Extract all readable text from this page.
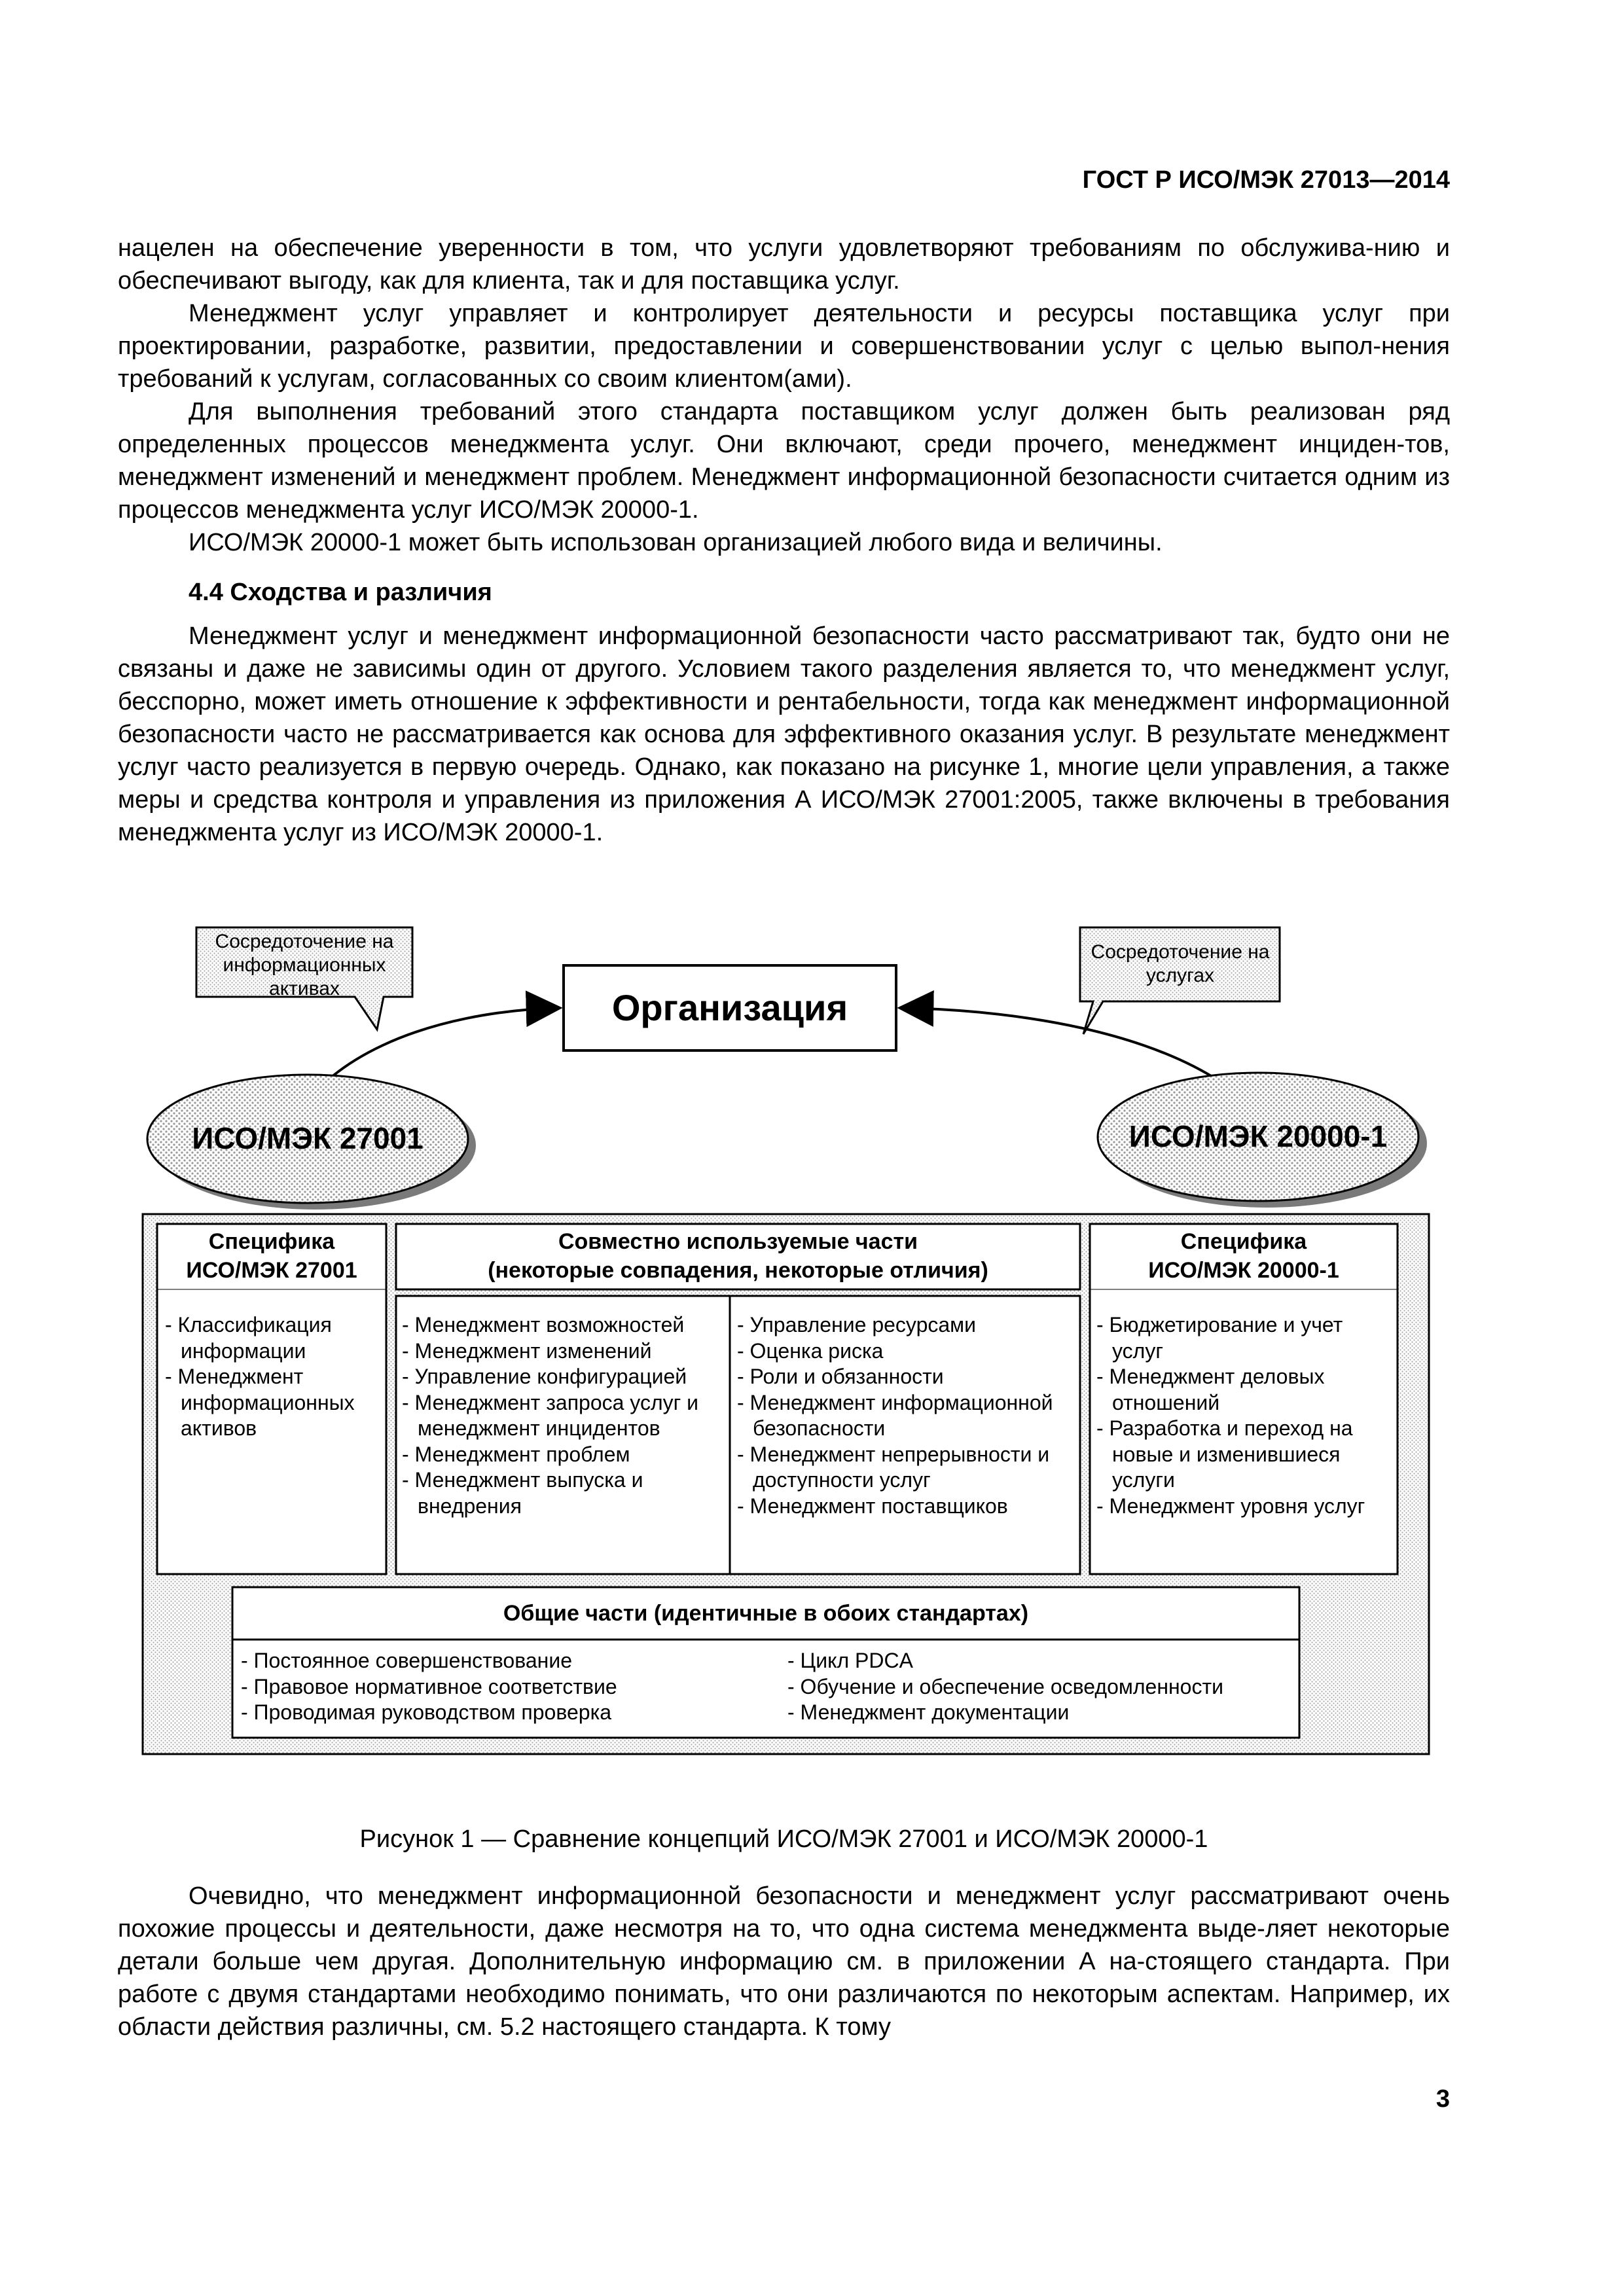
ГОСТ Р ИСО/МЭК 27013—2014

нацелен на обеспечение уверенности в том, что услуги удовлетворяют требованиям по обслужива-нию и обеспечивают выгоду, как для клиента, так и для поставщика услуг.

Менеджмент услуг управляет и контролирует деятельности и ресурсы поставщика услуг при проектировании, разработке, развитии, предоставлении и совершенствовании услуг с целью выпол-нения требований к услугам, согласованных со своим клиентом(ами).

Для выполнения требований этого стандарта поставщиком услуг должен быть реализован ряд определенных процессов менеджмента услуг. Они включают, среди прочего, менеджмент инциден-тов, менеджмент изменений и менеджмент проблем. Менеджмент информационной безопасности считается одним из процессов менеджмента услуг ИСО/МЭК 20000-1.

ИСО/МЭК 20000-1 может быть использован организацией любого вида и величины.

4.4 Сходства и различия

Менеджмент услуг и менеджмент информационной безопасности часто рассматривают так, будто они не связаны и даже не зависимы один от другого. Условием такого разделения является то, что менеджмент услуг, бесспорно, может иметь отношение к эффективности и рентабельности, тогда как менеджмент информационной безопасности часто не рассматривается как основа для эффективного оказания услуг. В результате менеджмент услуг часто реализуется в первую очередь. Однако, как показано на рисунке 1, многие цели управления, а также меры и средства контроля и управления из приложения А ИСО/МЭК 27001:2005, также включены в требования менеджмента услуг из ИСО/МЭК 20000-1.

Сосредоточение на информационных активах
Сосредоточение на услугах
Организация
ИСО/МЭК 27001	ИСО/МЭК 20000-1
Специфика
ИСО/МЭК 27001
- Классификация информации
- Менеджмент информационных активов
Совместно используемые части
(некоторые совпадения, некоторые отличия)
- Менеджмент возможностей
- Менеджмент изменений
- Управление конфигурацией
- Менеджмент запроса услуг и менеджмент инцидентов
- Менеджмент проблем
- Менеджмент выпуска и внедрения
- Управление ресурсами
- Оценка риска
- Роли и обязанности
- Менеджмент информационной безопасности
- Менеджмент непрерывности и доступности услуг
- Менеджмент поставщиков
Специфика
ИСО/МЭК 20000-1
- Бюджетирование и учет услуг
- Менеджмент деловых отношений
- Разработка и переход на новые и изменившиеся услуги
- Менеджмент уровня услуг
Общие части (идентичные в обоих стандартах)
- Постоянное совершенствование
- Правовое нормативное соответствие
- Проводимая руководством проверка
- Цикл PDCA
- Обучение и обеспечение осведомленности
- Менеджмент документации
Рисунок 1 — Сравнение концепций ИСО/МЭК 27001 и ИСО/МЭК 20000-1

Очевидно, что менеджмент информационной безопасности и менеджмент услуг рассматривают очень похожие процессы и деятельности, даже несмотря на то, что одна система менеджмента выде-ляет некоторые детали больше чем другая. Дополнительную информацию см. в приложении А на-стоящего стандарта. При работе с двумя стандартами необходимо понимать, что они различаются по некоторым аспектам. Например, их области действия различны, см. 5.2 настоящего стандарта. К тому

3
